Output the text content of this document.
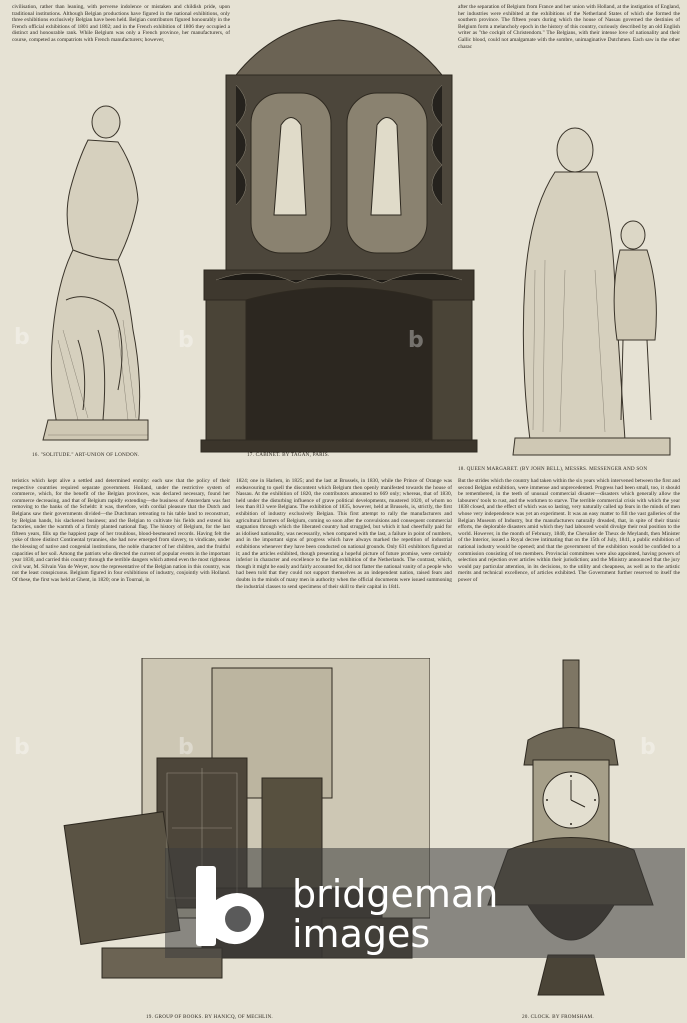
civilisation, rather than leaning, with perverse indolence or mistaken and childish pride, upon traditional institutions. Although Belgian productions have figured in the national exhibitions, only three exhibitions exclusively Belgian have been held. Belgian contributors figured honourably in the French official exhibitions of 1801 and 1802; and in the French exhibition of 1806 they occupied a distinct and honourable rank. While Belgium was only a French province, her manufacturers, of course, competed as compatriots with French manufacturers; however,
after the separation of Belgium from France and her union with Holland, at the instigation of England, her industries were exhibited at the exhibitions of the Netherland States of which she formed the southern province. The fifteen years during which the house of Nassau governed the destinies of Belgium form a melancholy epoch in the history of this country, curiously described by an old English writer as "the cockpit of Christendom." The Belgians, with their intense love of nationality and their Gallic blood, could not amalgamate with the sombre, unimaginative Dutchmen. Each saw in the other charac
16. "SOLITUDE." ART-UNION OF LONDON.	17. CABINET. BY TAGAN, PARIS.
18. QUEEN MARGARET. (BY JOHN BELL), MESSRS. MESSENGER AND SON
teristics which kept alive a settled and determined enmity: each saw that the policy of their respective countries required separate government. Holland, under the restrictive system of commerce, which, for the benefit of the Belgian provinces, was declared necessary, found her commerce decreasing, and that of Belgium rapidly extending—the business of Amsterdam was fast removing to the banks of the Scheldt: it was, therefore, with cordial pleasure that the Dutch and Belgians saw their governments divided—the Dutchman retreating to his table land to reconstruct, by Belgian hands, his slackened business; and the Belgian to cultivate his fields and extend his factories, under the warmth of a firmly planted national flag. The history of Belgium, for the last fifteen years, fills up the happiest page of her troublous, blood-besmeared records. Having felt the yoke of three distinct Continental tyrannies, she had now emerged from slavery, to vindicate, under the blessing of native and congenial institutions, the noble character of her children, and the fruitful capacities of her soil. Among the patriots who directed the current of popular events in the important year 1830, and carried this country through the terrible dangers which attend even the most righteous civil war, M. Silvain Van de Weyer, now the representative of the Belgian nation in this country, was not the least conspicuous. Belgium figured in four exhibitions of industry, conjointly with Holland. Of these, the first was held at Ghent, in 1820; one in Tournai, in
1824; one in Harlem, in 1825; and the last at Brussels, in 1830, while the Prince of Orange was endeavouring to quell the discontent which Belgium then openly manifested towards the house of Nassau. At the exhibition of 1820, the contributors amounted to 669 only; whereas, that of 1830, held under the disturbing influence of grave political developments, mustered 1020, of whom no less than 813 were Belgians. The exhibition of 1835, however, held at Brussels, is, strictly, the first exhibition of industry exclusively Belgian. This first attempt to rally the manufacturers and agricultural farmers of Belgium, coming so soon after the convulsions and consequent commercial stagnation through which the liberated country had struggled, but which it had cheerfully paid for as idolised nationality, was necessarily, when compared with the last, a failure in point of numbers, and in the important signs of progress which have always marked the repetition of industrial exhibitions whenever they have been conducted on national grounds. Only 631 exhibitors figured at it; and the articles exhibited, though presenting a hopeful picture of future promise, were certainly inferior in character and excellence to the last exhibition of the Netherlands. The contrast, which, though it might be easily and fairly accounted for, did not flatter the national vanity of a people who had been told that they could not support themselves as an independent nation, raised fears and doubts in the minds of many men in authority when the official documents were issued summoning the industrial classes to send specimens of their skill to their capital in 1841.
But the strides which the country had taken within the six years which intervened between the first and second Belgian exhibition, were immense and unprecedented. Progress had been small, too, it should be remembered, in the teeth of unusual commercial disaster—disasters which generally allow the labourers' tools to rust, and the workmen to starve. The terrible commercial crisis with which the year 1838 closed, and the effect of which was so lasting, very naturally called up fears in the minds of men whose very independence was yet an experiment. It was an easy matter to fill the vast galleries of the Belgian Museum of Industry, but the manufacturers naturally dreaded, that, in spite of their titanic efforts, the deplorable disasters amid which they had laboured would divulge their real position to the world. However, in the month of February, 1840, the Chevalier de Theux de Meylandt, then Minister of the Interior, issued a Royal decree intimating that on the 15th of July, 1841, a public exhibition of national industry would be opened; and that the government of the exhibition would be confided to a commission consisting of ten members. Provincial committees were also appointed, having powers of selection and rejection over articles within their jurisdiction; and the Ministry announced that the jury would pay particular attention, in its decisions, to the utility and cheapness, as well as to the artistic merits and technical excellence, of articles exhibited. The Government further reserved to itself the power of
19. GROUP OF BOOKS. BY HANICQ, OF MECHLIN.	20. CLOCK. BY FROMSHAM.
b	b	b
b	b	b
bridgeman
images
